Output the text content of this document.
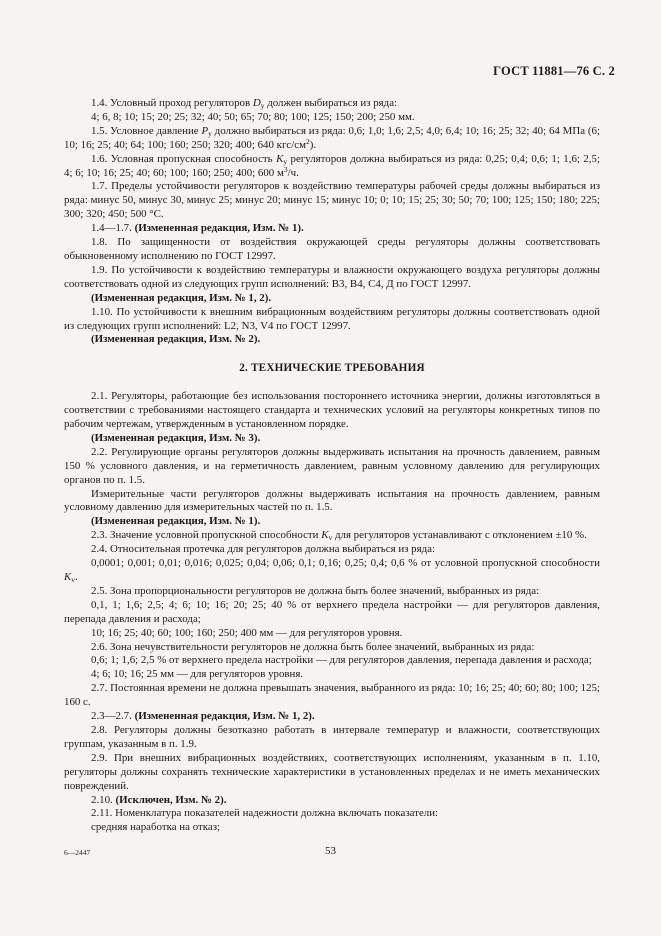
ГОСТ 11881—76 С. 2

1.4. Условный проход регуляторов $D_y$ должен выбираться из ряда:

4; 6, 8; 10; 15; 20; 25; 32; 40; 50; 65; 70; 80; 100; 125; 150; 200; 250 мм.

1.5. Условное давление $P_y$ должно выбираться из ряда: 0,6; 1,0; 1,6; 2,5; 4,0; 6,4; 10; 16; 25; 32; 40; 64 МПа (6; 10; 16; 25; 40; 64; 100; 160; 250; 320; 400; 640 кгс/$см^2$).

1.6. Условная пропускная способность $K_y$ регуляторов должна выбираться из ряда: 0,25; 0,4; 0,6; 1; 1,6; 2,5; 4; 6; 10; 16; 25; 40; 60; 100; 160; 250; 400; 600 $м^3/ч$.

1.7. Пределы устойчивости регуляторов к воздействию температуры рабочей среды должны выбираться из ряда: минус 50, минус 30, минус 25; минус 20; минус 15; минус 10; 0; 10; 15; 25; 30; 50; 70; 100; 125; 150; 180; 225; 300; 320; 450; 500 °С.

1.4—1.7. (Измененная редакция, Изм. № 1).

1.8. По защищенности от воздействия окружающей среды регуляторы должны соответствовать обыкновенному исполнению по ГОСТ 12997.

1.9. По устойчивости к воздействию температуры и влажности окружающего воздуха регуляторы должны соответствовать одной из следующих групп исполнений: В3, В4, С4, Д по ГОСТ 12997.

(Измененная редакция, Изм. № 1, 2).

1.10. По устойчивости к внешним вибрационным воздействиям регуляторы должны соответствовать одной из следующих групп исполнений: L2, N3, V4 по ГОСТ 12997.

(Измененная редакция, Изм. № 2).

2. ТЕХНИЧЕСКИЕ ТРЕБОВАНИЯ

2.1. Регуляторы, работающие без использования постороннего источника энергии, должны изготовляться в соответствии с требованиями настоящего стандарта и технических условий на регуляторы конкретных типов по рабочим чертежам, утвержденным в установленном порядке.

(Измененная редакция, Изм. № 3).

2.2. Регулирующие органы регуляторов должны выдерживать испытания на прочность давлением, равным 150 % условного давления, и на герметичность давлением, равным условному давлению для регулирующих органов по п. 1.5.

Измерительные части регуляторов должны выдерживать испытания на прочность давлением, равным условному давлению для измерительных частей по п. 1.5.

(Измененная редакция, Изм. № 1).

2.3. Значение условной пропускной способности $K_v$ для регуляторов устанавливают с отклонением ±10 %.

2.4. Относительная протечка для регуляторов должна выбираться из ряда:

0,0001; 0,001; 0,01; 0,016; 0,025; 0,04; 0,06; 0,1; 0,16; 0,25; 0,4; 0,6 % от условной пропускной способности $K_v$.

2.5. Зона пропорциональности регуляторов не должна быть более значений, выбранных из ряда:

0,1, 1; 1,6; 2,5; 4; 6; 10; 16; 20; 25; 40 % от верхнего предела настройки — для регуляторов давления, перепада давления и расхода;

10; 16; 25; 40; 60; 100; 160; 250; 400 мм — для регуляторов уровня.

2.6. Зона нечувствительности регуляторов не должна быть более значений, выбранных из ряда:

0,6; 1; 1,6; 2,5 % от верхнего предела настройки — для регуляторов давления, перепада давления и расхода;

4; 6; 10; 16; 25 мм — для регуляторов уровня.

2.7. Постоянная времени не должна превышать значения, выбранного из ряда: 10; 16; 25; 40; 60; 80; 100; 125; 160 с.

2.3—2.7. (Измененная редакция, Изм. № 1, 2).

2.8. Регуляторы должны безотказно работать в интервале температур и влажности, соответствующих группам, указанным в п. 1.9.

2.9. При внешних вибрационных воздействиях, соответствующих исполнениям, указанным в п. 1.10, регуляторы должны сохранять технические характеристики в установленных пределах и не иметь механических повреждений.

2.10. (Исключен, Изм. № 2).

2.11. Номенклатура показателей надежности должна включать показатели:

средняя наработка на отказ;

6—2447	53
